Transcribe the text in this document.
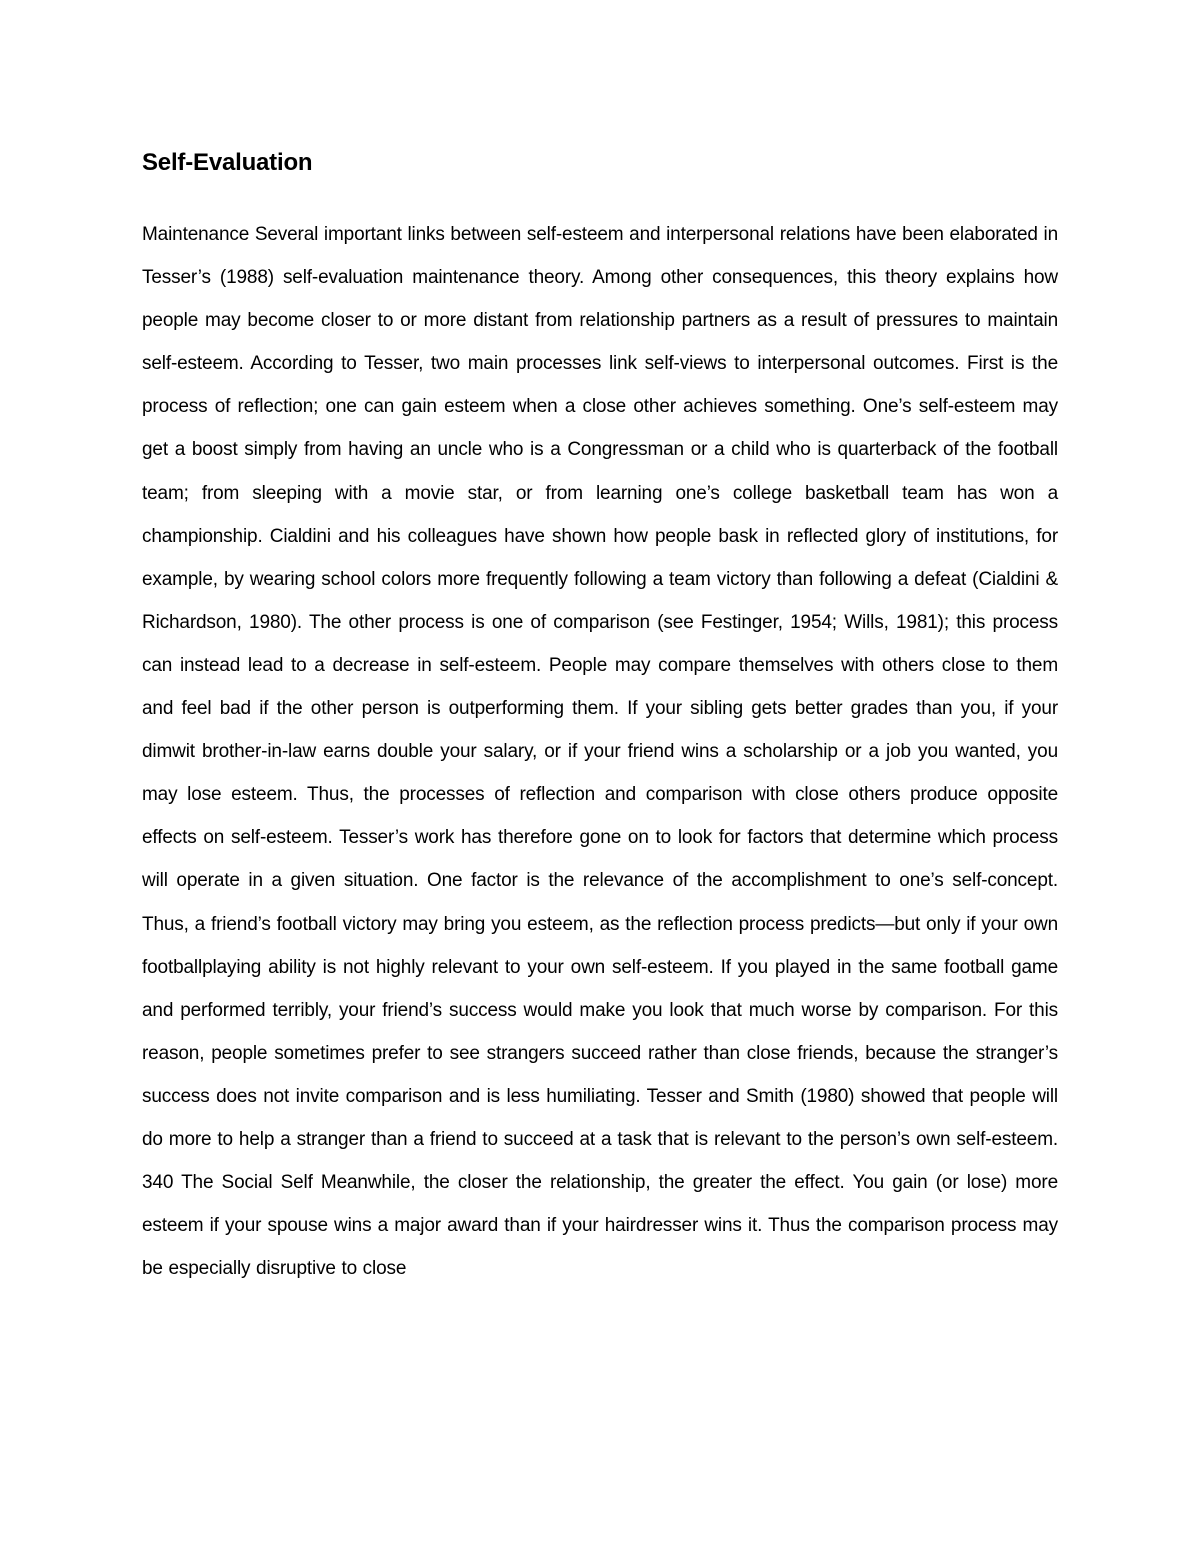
Self-Evaluation

Maintenance Several important links between self-esteem and interpersonal relations have been elaborated in Tesser’s (1988) self-evaluation maintenance theory. Among other consequences, this theory explains how people may become closer to or more distant from relationship partners as a result of pressures to maintain self-esteem. According to Tesser, two main processes link self-views to interpersonal outcomes. First is the process of reflection; one can gain esteem when a close other achieves something. One’s self-esteem may get a boost simply from having an uncle who is a Congressman or a child who is quarterback of the football team; from sleeping with a movie star, or from learning one’s college basketball team has won a championship. Cialdini and his colleagues have shown how people bask in reflected glory of institutions, for example, by wearing school colors more frequently following a team victory than following a defeat (Cialdini & Richardson, 1980). The other process is one of comparison (see Festinger, 1954; Wills, 1981); this process can instead lead to a decrease in self-esteem. People may compare themselves with others close to them and feel bad if the other person is outperforming them. If your sibling gets better grades than you, if your dimwit brother-in-law earns double your salary, or if your friend wins a scholarship or a job you wanted, you may lose esteem. Thus, the processes of reflection and comparison with close others produce opposite effects on self-esteem. Tesser’s work has therefore gone on to look for factors that determine which process will operate in a given situation. One factor is the relevance of the accomplishment to one’s self-concept. Thus, a friend’s football victory may bring you esteem, as the reflection process predicts—but only if your own footballplaying ability is not highly relevant to your own self-esteem. If you played in the same football game and performed terribly, your friend’s success would make you look that much worse by comparison. For this reason, people sometimes prefer to see strangers succeed rather than close friends, because the stranger’s success does not invite comparison and is less humiliating. Tesser and Smith (1980) showed that people will do more to help a stranger than a friend to succeed at a task that is relevant to the person’s own self-esteem. 340 The Social Self Meanwhile, the closer the relationship, the greater the effect. You gain (or lose) more esteem if your spouse wins a major award than if your hairdresser wins it. Thus the comparison process may be especially disruptive to close
